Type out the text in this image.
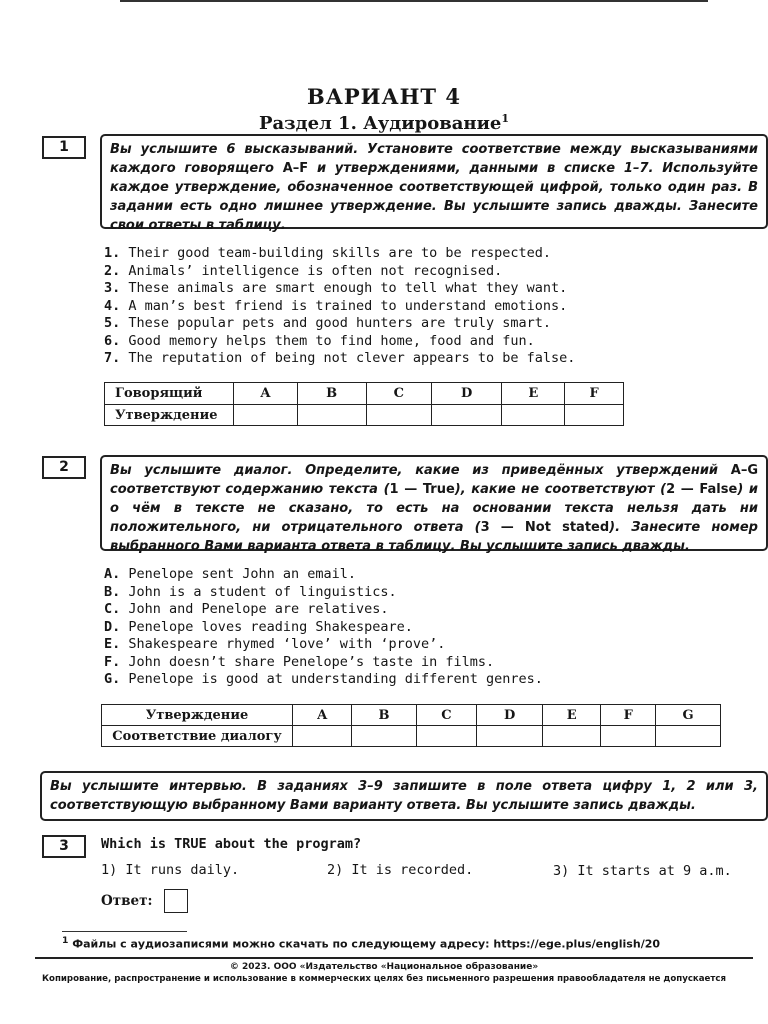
ВАРИАНТ 4
Раздел 1. Аудирование$^1$
1	Вы услышите 6 высказываний. Установите соответствие между высказываниями каждого говорящего A–F и утверждениями, данными в списке 1–7. Используйте каждое утверждение, обозначенное соответствующей цифрой, только один раз. В задании есть одно лишнее утверждение. Вы услышите запись дважды. Занесите свои ответы в таблицу.
1. Their good team-building skills are to be respected.
2. Animals’ intelligence is often not recognised.
3. These animals are smart enough to tell what they want.
4. A man’s best friend is trained to understand emotions.
5. These popular pets and good hunters are truly smart.
6. Good memory helps them to find home, food and fun.
7. The reputation of being not clever appears to be false.
Говорящий	A	B	C	D	E	F
Утверждение						
2	Вы услышите диалог. Определите, какие из приведённых утверждений A–G соответствуют содержанию текста (1 — True), какие не соответствуют (2 — False) и о чём в тексте не сказано, то есть на основании текста нельзя дать ни положительного, ни отрицательного ответа (3 — Not stated). Занесите номер выбранного Вами варианта ответа в таблицу. Вы услышите запись дважды.
A. Penelope sent John an email.
B. John is a student of linguistics.
C. John and Penelope are relatives.
D. Penelope loves reading Shakespeare.
E. Shakespeare rhymed ‘love’ with ‘prove’.
F. John doesn’t share Penelope’s taste in films.
G. Penelope is good at understanding different genres.
Утверждение	A	B	C	D	E	F	G
Соответствие диалогу							
Вы услышите интервью. В заданиях 3–9 запишите в поле ответа цифру 1, 2 или 3, соответствующую выбранному Вами варианту ответа. Вы услышите запись дважды.
3	Which is TRUE about the program?
1) It runs daily.	2) It is recorded.	3) It starts at 9 a.m.
Ответ:
$^1$ Файлы с аудиозаписями можно скачать по следующему адресу: https://ege.plus/english/20
© 2023. ООО «Издательство «Национальное образование»
Копирование, распространение и использование в коммерческих целях без письменного разрешения правообладателя не допускается
